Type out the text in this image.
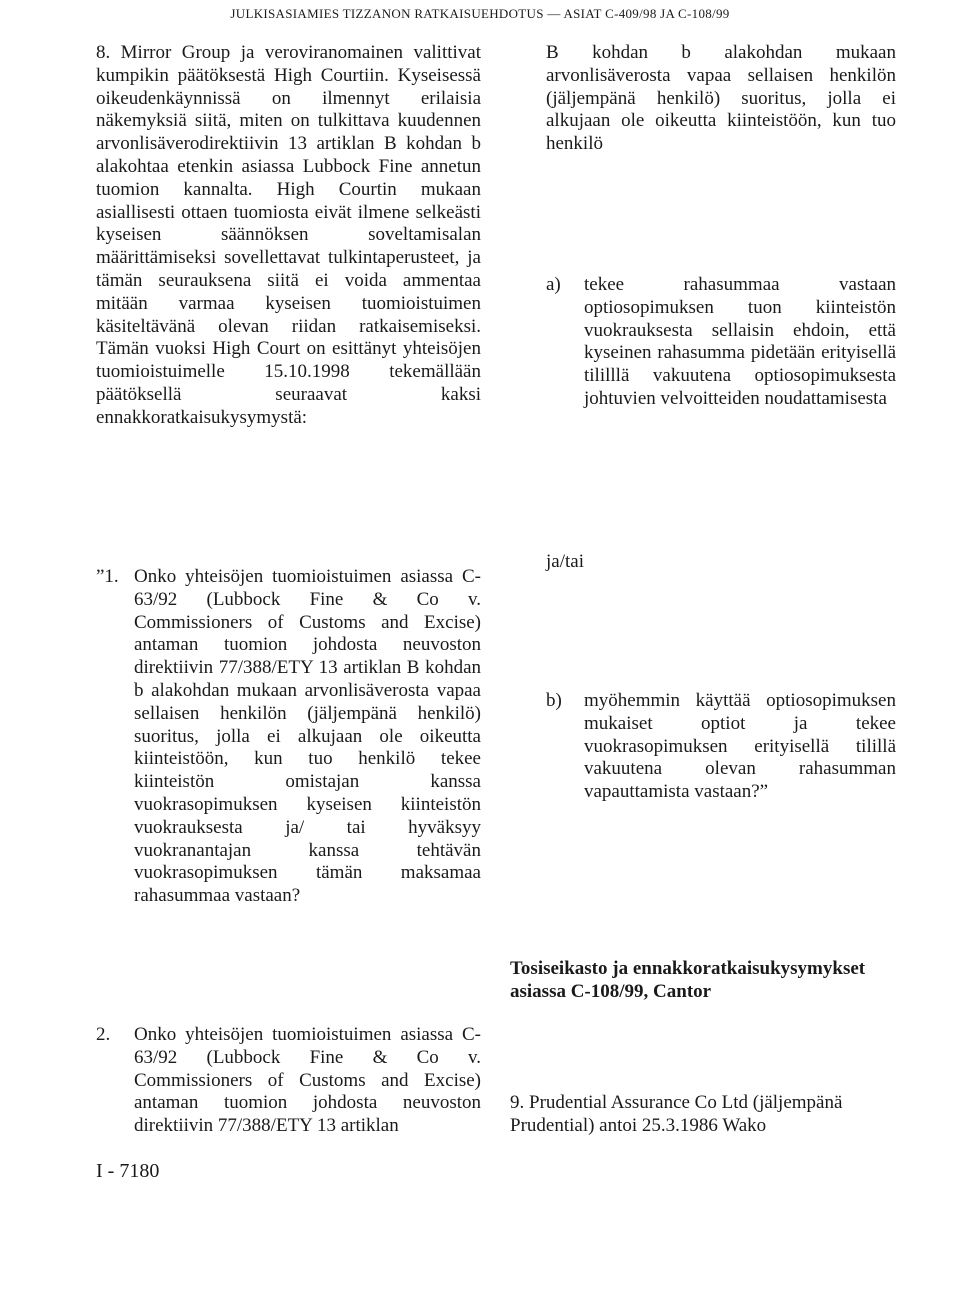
JULKISASIAMIES TIZZANON RATKAISUEHDOTUS — ASIAT C-409/98 JA C-108/99

8. Mirror Group ja veroviranomainen valittivat kumpikin päätöksestä High Courtiin. Kyseisessä oikeudenkäynnissä on ilmennyt erilaisia näkemyksiä siitä, miten on tulkittava kuudennen arvonlisäverodirektiivin 13 artiklan B kohdan b alakohtaa etenkin asiassa Lubbock Fine annetun tuomion kannalta. High Courtin mukaan asiallisesti ottaen tuomiosta eivät ilmene selkeästi kyseisen säännöksen soveltamisalan määrittämiseksi sovellettavat tulkintaperusteet, ja tämän seurauksena siitä ei voida ammentaa mitään varmaa kyseisen tuomioistuimen käsiteltävänä olevan riidan ratkaisemiseksi. Tämän vuoksi High Court on esittänyt yhteisöjen tuomioistuimelle 15.10.1998 tekemällään päätöksellä seuraavat kaksi ennakkoratkaisukysymystä:

”1. Onko yhteisöjen tuomioistuimen asiassa C-63/92 (Lubbock Fine & Co v. Commissioners of Customs and Excise) antaman tuomion johdosta neuvoston direktiivin 77/388/ETY 13 artiklan B kohdan b alakohdan mukaan arvonlisäverosta vapaa sellaisen henkilön (jäljempänä henkilö) suoritus, jolla ei alkujaan ole oikeutta kiinteistöön, kun tuo henkilö tekee kiinteistön omistajan kanssa vuokrasopimuksen kyseisen kiinteistön vuokrauksesta ja/ tai hyväksyy vuokranantajan kanssa tehtävän vuokrasopimuksen tämän maksamaa rahasummaa vastaan?
2.	Onko yhteisöjen tuomioistuimen asiassa C-63/92 (Lubbock Fine & Co v. Commissioners of Customs and Excise) antaman tuomion johdosta neuvoston direktiivin 77/388/ETY 13 artiklan

B kohdan b alakohdan mukaan arvonlisäverosta vapaa sellaisen henkilön (jäljempänä henkilö) suoritus, jolla ei alkujaan ole oikeutta kiinteistöön, kun tuo henkilö

a)	tekee rahasummaa vastaan optiosopimuksen tuon kiinteistön vuokrauksesta sellaisin ehdoin, että kyseinen rahasumma pidetään erityisellä tililllä vakuutena optiosopimuksesta johtuvien velvoitteiden noudattamisesta
ja/tai
b)	myöhemmin käyttää optiosopimuksen mukaiset optiot ja tekee vuokrasopimuksen erityisellä tilillä vakuutena olevan rahasumman vapauttamista vastaan?”
Tosiseikasto ja ennakkoratkaisukysymykset asiassa C-108/99, Cantor
9. Prudential Assurance Co Ltd (jäljempänä Prudential) antoi 25.3.1986 Wako
I - 7180
